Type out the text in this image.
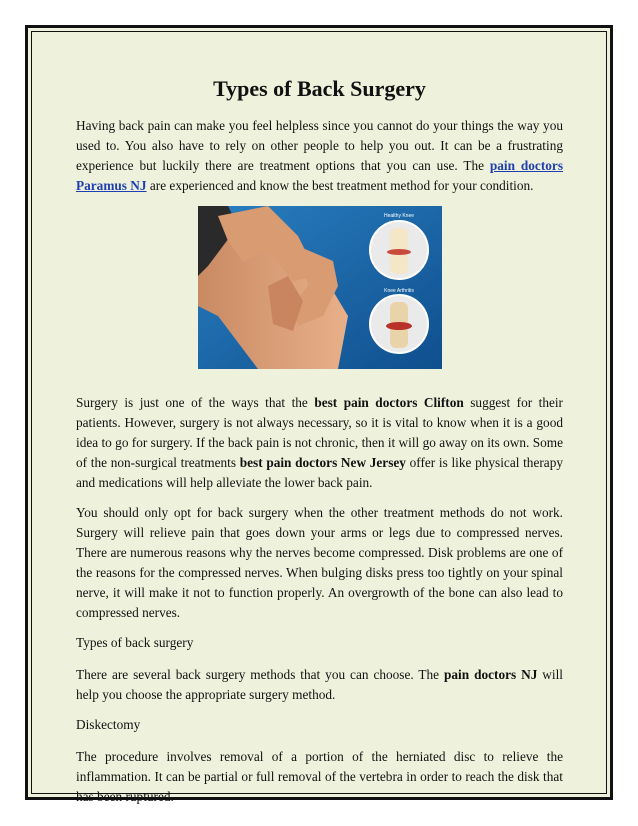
Types of Back Surgery

Having back pain can make you feel helpless since you cannot do your things the way you used to. You also have to rely on other people to help you out. It can be a frustrating experience but luckily there are treatment options that you can use. The pain doctors Paramus NJ are experienced and know the best treatment method for your condition.

Healthy Knee
Knee Arthritis

Surgery is just one of the ways that the best pain doctors Clifton suggest for their patients. However, surgery is not always necessary, so it is vital to know when it is a good idea to go for surgery. If the back pain is not chronic, then it will go away on its own. Some of the non-surgical treatments best pain doctors New Jersey offer is like physical therapy and medications will help alleviate the lower back pain.

You should only opt for back surgery when the other treatment methods do not work. Surgery will relieve pain that goes down your arms or legs due to compressed nerves. There are numerous reasons why the nerves become compressed. Disk problems are one of the reasons for the compressed nerves. When bulging disks press too tightly on your spinal nerve, it will make it not to function properly. An overgrowth of the bone can also lead to compressed nerves.

Types of back surgery

There are several back surgery methods that you can choose. The pain doctors NJ will help you choose the appropriate surgery method.

Diskectomy

The procedure involves removal of a portion of the herniated disc to relieve the inflammation. It can be partial or full removal of the vertebra in order to reach the disk that has been ruptured.
